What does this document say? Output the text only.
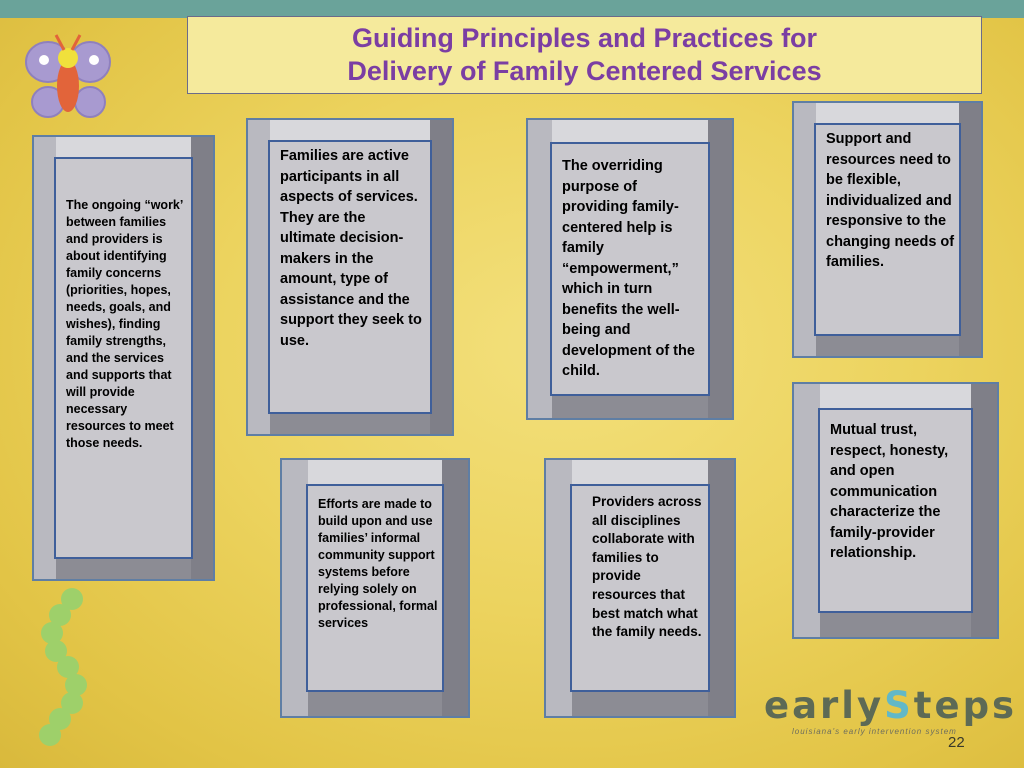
Guiding Principles and Practices for
Delivery of Family Centered Services
The ongoing “work’ between families and providers is about identifying family concerns (priorities, hopes, needs, goals, and wishes), finding family strengths, and the services and supports that will provide necessary resources to meet those needs.
Families are active participants in all aspects of services. They are the ultimate decision-makers in the amount, type of assistance and the support they seek to use.
The overriding purpose of providing family-centered help is family “empowerment,” which in turn benefits the well-being and development of the child.
Support and resources need to be flexible, individualized and responsive to the changing needs of families.
Mutual trust, respect, honesty, and open communication characterize the family-provider relationship.
Efforts are made to build upon and use families’ informal community support systems before relying solely on professional, formal services
Providers across all disciplines collaborate with families to provide resources that best match what the family needs.
earlySteps
louisiana's early intervention system
22
